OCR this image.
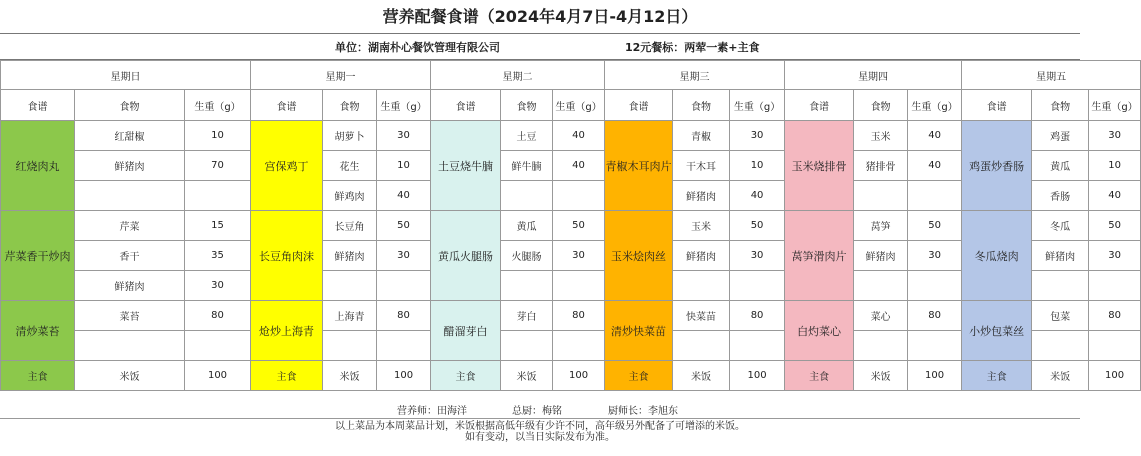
营养配餐食谱（2024年4月7日-4月12日）
单位：湖南朴心餐饮管理有限公司	12元餐标：两荤一素+主食
星期日			星期一			星期二			星期三			星期四			星期五		
食谱	食物	生重（g）	食谱	食物	生重（g）	食谱	食物	生重（g）	食谱	食物	生重（g）	食谱	食物	生重（g）	食谱	食物	生重（g）
红烧肉丸	红甜椒	10	宫保鸡丁	胡萝卜	30	土豆烧牛腩	土豆	40	青椒木耳肉片	青椒	30	玉米烧排骨	玉米	40	鸡蛋炒香肠	鸡蛋	30
	鲜猪肉	70		花生	10		鲜牛腩	40		干木耳	10		猪排骨	40		黄瓜	10
				鲜鸡肉	40					鲜猪肉	40					香肠	40
芹菜香干炒肉	芹菜	15	长豆角肉沫	长豆角	50	黄瓜火腿肠	黄瓜	50	玉米烩肉丝	玉米	50	莴笋滑肉片	莴笋	50	冬瓜烧肉	冬瓜	50
	香干	35		鲜猪肉	30		火腿肠	30		鲜猪肉	30		鲜猪肉	30		鲜猪肉	30
	鲜猪肉	30															
清炒菜苔	菜苔	80	炝炒上海青	上海青	80	醋溜芽白	芽白	80	清炒快菜苗	快菜苗	80	白灼菜心	菜心	80	小炒包菜丝	包菜	80

主食	米饭	100	主食	米饭	100	主食	米饭	100	主食	米饭	100	主食	米饭	100	主食	米饭	100
营养师：田海洋	总厨：梅铭	厨师长：李旭东
以上菜品为本周菜品计划，米饭根据高低年级有少许不同，高年级另外配备了可增添的米饭。
如有变动，以当日实际发布为准。
